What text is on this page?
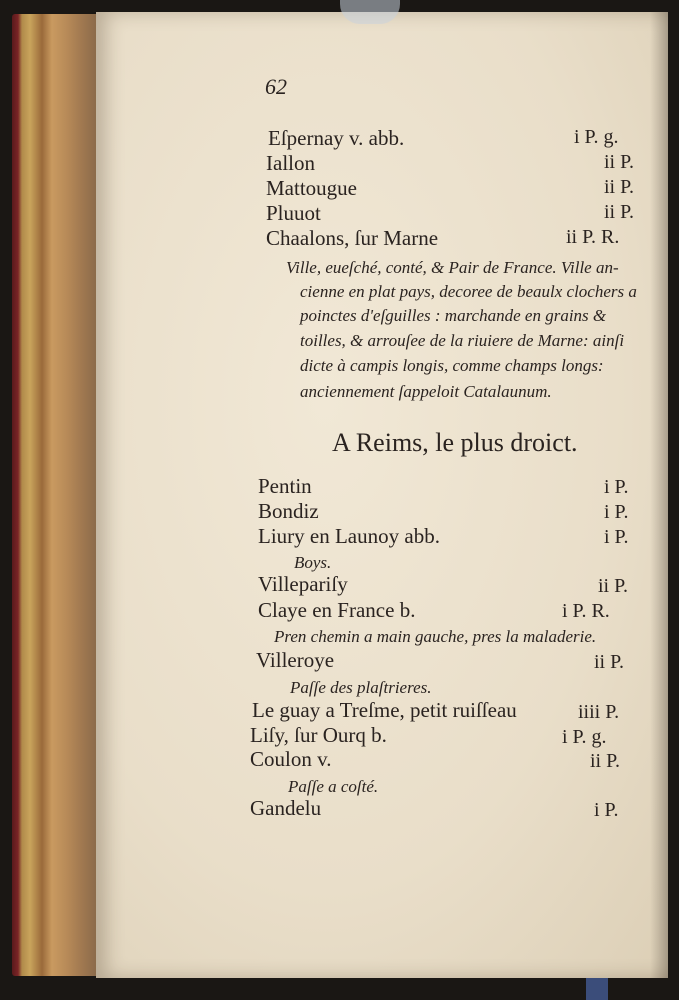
62
Eſpernay v. abb.	i P. g.
Iallon	ii P.
Mattougue	ii P.
Pluuot	ii P.
Chaalons, ſur Marne	ii P. R.
Ville, eueſché, conté, & Pair de France. Ville an-
cienne en plat pays, decoree de beaulx clochers a
poinctes d'eſguilles : marchande en grains &
toilles, & arrouſee de la riuiere de Marne: ainſi
dicte à campis longis, comme champs longs:
anciennement ſappeloit Catalaunum.
A Reims, le plus droict.
Pentin	i P.
Bondiz	i P.
Liury en Launoy abb.	i P.
Boys.
Villepariſy	ii P.
Claye en France b.	i P. R.
Pren chemin a main gauche, pres la maladerie.
Villeroye	ii P.
Paſſe des plaſtrieres.
Le guay a Treſme, petit ruiſſeau	iiii P.
Liſy, ſur Ourq b.	i P. g.
Coulon v.	ii P.
Paſſe a coſté.
Gandelu	i P.
